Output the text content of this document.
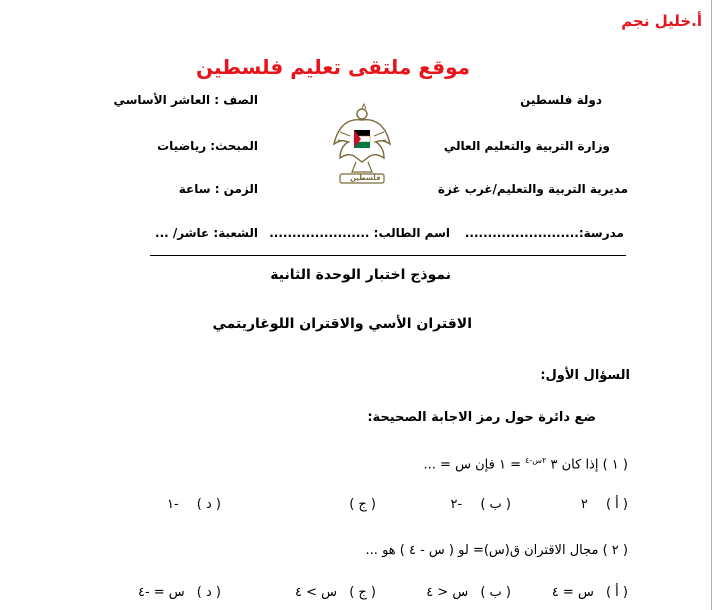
أ.خليل نجم
موقع ملتقى تعليم فلسطين
دولة فلسطين
وزارة التربية والتعليم العالي
مديرية التربية والتعليم/غرب غزة
مدرسة:.........................
الصف : العاشر الأساسي
المبحث: رياضيات
الزمن : ساعة
اسم الطالب: ......................
الشعبة: عاشر/ ...
فلسطين
نموذج اختبار الوحدة الثانية
الاقتران الأسي والاقتران اللوغاريتمي
السؤال الأول:
ضع دائرة حول رمز الاجابة الصحيحة:
( ١ ) إذا كان ٣ $^{٢س-٤}$ = ١ فإن س = ...
( أ ) ٢
( ب ) -٢
( ج )
( د ) -١
( ٢ ) مجال الاقتران ق(س)= لو ( س - ٤ ) هو ...
( أ ) س = ٤
( ب ) س < ٤
( ج ) س > ٤
( د ) س = -٤
